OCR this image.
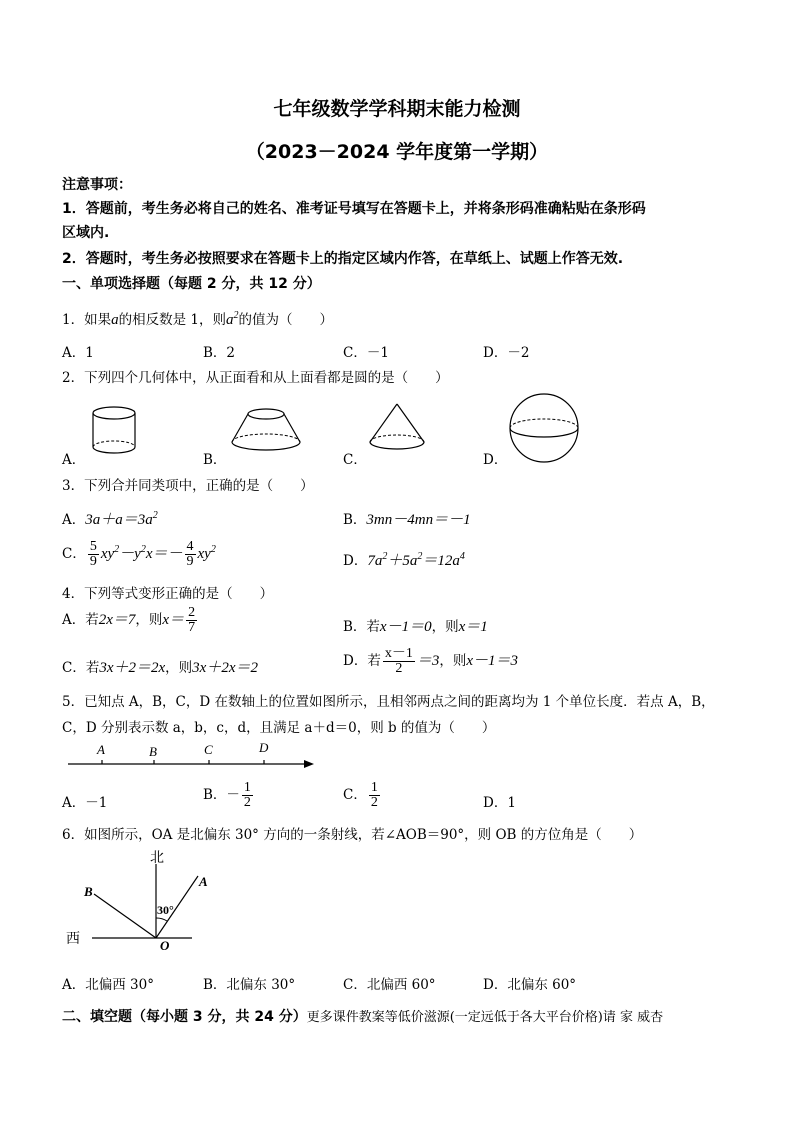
七年级数学学科期末能力检测
（2023－2024 学年度第一学期）
注意事项：
1．答题前，考生务必将自己的姓名、准考证号填写在答题卡上，并将条形码准确粘贴在条形码
区域内.
2．答题时，考生务必按照要求在答题卡上的指定区域内作答，在草纸上、试题上作答无效.
一、单项选择题（每题 2 分，共 12 分）
1．如果a的相反数是 1，则$a^2$的值为（　　）
A．1	B．2	C．－1	D．－2
2．下列四个几何体中，从正面看和从上面看都是圆的是（　　）
A．	B．	C．	D．
3．下列合并同类项中，正确的是（　　）
A．$3a+a=3a^2$	B．3mn－4mn＝－1
C． $\frac{5}{9} xy^2-y^2x=- \frac{4}{9} xy^2$
D．$7a^2+5a^2=12a^4$
4．下列等式变形正确的是（　　）
A．若2x＝7，则$x= \frac{2}{7}$	B．若x－1＝0，则x＝1
C．若3x＋2＝2x，则3x＋2x＝2	D．若 $\frac{x-1}{2} =3$，则x－1＝3
5．已知点 A，B，C，D 在数轴上的位置如图所示，且相邻两点之间的距离均为 1 个单位长度．若点 A，B，
C，D 分别表示数 a，b，c，d，且满足 a＋d＝0，则 b 的值为（　　）
A	B	C	D
A．－1	B．－ $\frac{1}{2}$	C． $\frac{1}{2}$	D．1
6．如图所示，OA 是北偏东 30° 方向的一条射线，若∠AOB＝90°，则 OB 的方位角是（　　）
北
西
A
B
O
30°
A．北偏西 30°	B．北偏东 30°	C．北偏西 60°	D．北偏东 60°
二、填空题（每小题 3 分，共 24 分）更多课件教案等低价滋源(一定远低于各大平台价格)请 家 威杏
